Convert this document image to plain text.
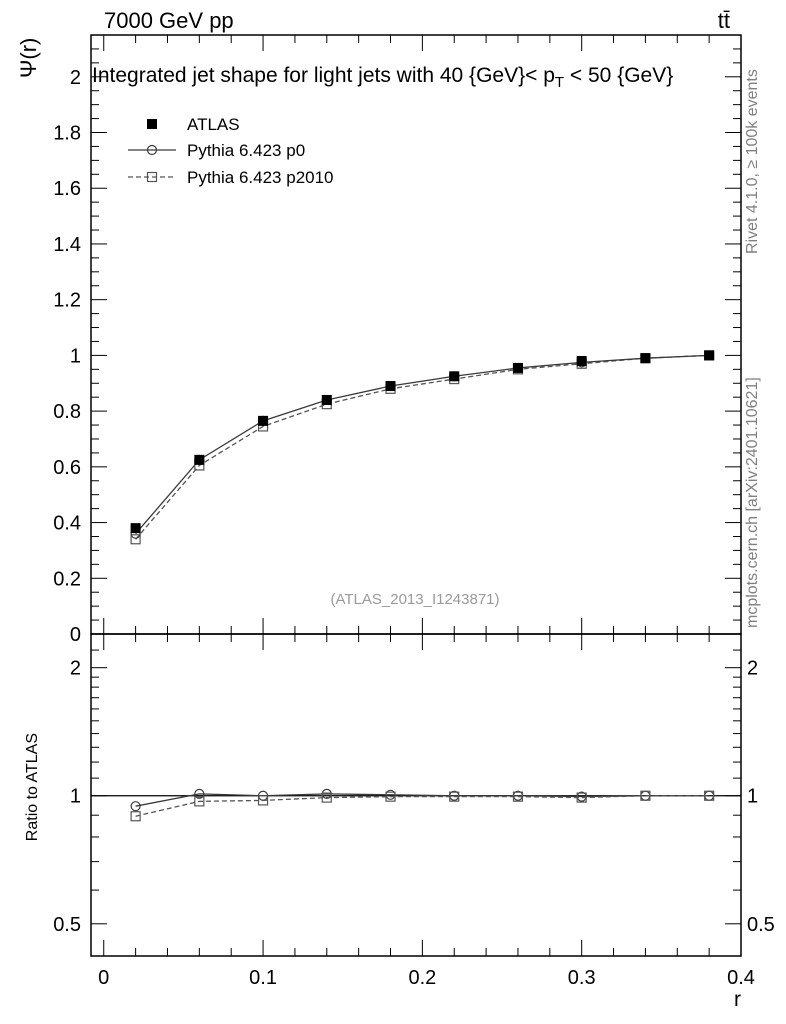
7000 GeV pp	tt̄
Integrated jet shape for light jets with 40 $\{GeV\}< p_T < 50$ {GeV}	Rivet 4.1.0, ≥ 100k events
mcplots.cern.ch [arXiv:2401.10621]
0
0.2
0.4
0.6
0.8
1
1.2
1.4
1.6
1.8
2
0	0.1	0.2	0.3	0.4
0.5	0.5
1	1
2	2
Ψ(r)
Ratio to ATLAS
r
(ATLAS_2013_I1243871)
ATLAS
Pythia 6.423 p0
Pythia 6.423 p2010
